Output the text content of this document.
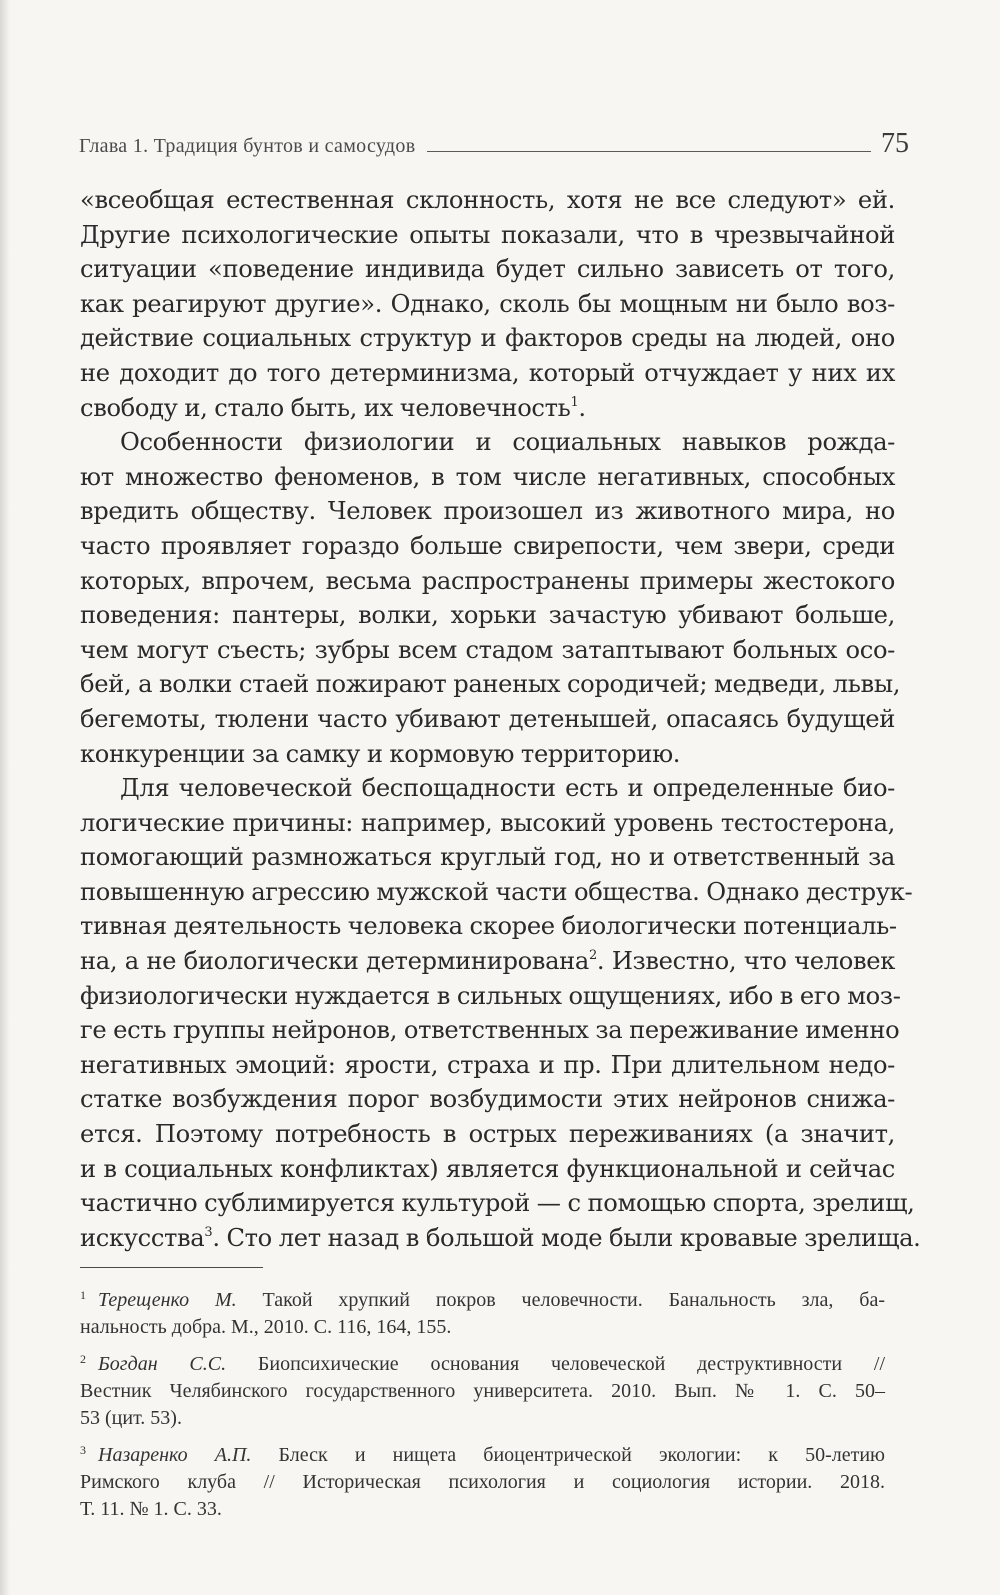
Глава 1. Традиция бунтов и самосудов	75

«всеобщая естественная склонность, хотя не все следуют» ей.
Другие психологические опыты показали, что в чрезвычайной
ситуации «поведение индивида будет сильно зависеть от того,
как реагируют другие». Однако, сколь бы мощным ни было воз-
действие социальных структур и факторов среды на людей, оно
не доходит до того детерминизма, который отчуждает у них их
свободу и, стало быть, их человечность$^1$.

Особенности физиологии и социальных навыков рожда-
ют множество феноменов, в том числе негативных, способных
вредить обществу. Человек произошел из животного мира, но
часто проявляет гораздо больше свирепости, чем звери, среди
которых, впрочем, весьма распространены примеры жестокого
поведения: пантеры, волки, хорьки зачастую убивают больше,
чем могут съесть; зубры всем стадом затаптывают больных осо-
бей, а волки стаей пожирают раненых сородичей; медведи, львы,
бегемоты, тюлени часто убивают детенышей, опасаясь будущей
конкуренции за самку и кормовую территорию.

Для человеческой беспощадности есть и определенные био-
логические причины: например, высокий уровень тестостерона,
помогающий размножаться круглый год, но и ответственный за
повышенную агрессию мужской части общества. Однако деструк-
тивная деятельность человека скорее биологически потенциаль-
на, а не биологически детерминирована$^2$. Известно, что человек
физиологически нуждается в сильных ощущениях, ибо в его моз-
ге есть группы нейронов, ответственных за переживание именно
негативных эмоций: ярости, страха и пр. При длительном недо-
статке возбуждения порог возбудимости этих нейронов снижа-
ется. Поэтому потребность в острых переживаниях (а значит,
и в социальных конфликтах) является функциональной и сейчас
частично сублимируется культурой — с помощью спорта, зрелищ,
искусства$^3$. Сто лет назад в большой моде были кровавые зрелища.

$^1$ Терещенко М. Такой хрупкий покров человечности. Банальность зла, ба-
нальность добра. М., 2010. С. 116, 164, 155.
$^2$ Богдан С.С. Биопсихические основания человеческой деструктивности //
Вестник Челябинского государственного университета. 2010. Вып. № 1. С. 50–
53 (цит. 53).
$^3$ Назаренко А.П. Блеск и нищета биоцентрической экологии: к 50-летию
Римского клуба // Историческая психология и социология истории. 2018.
Т. 11. № 1. С. 33.
